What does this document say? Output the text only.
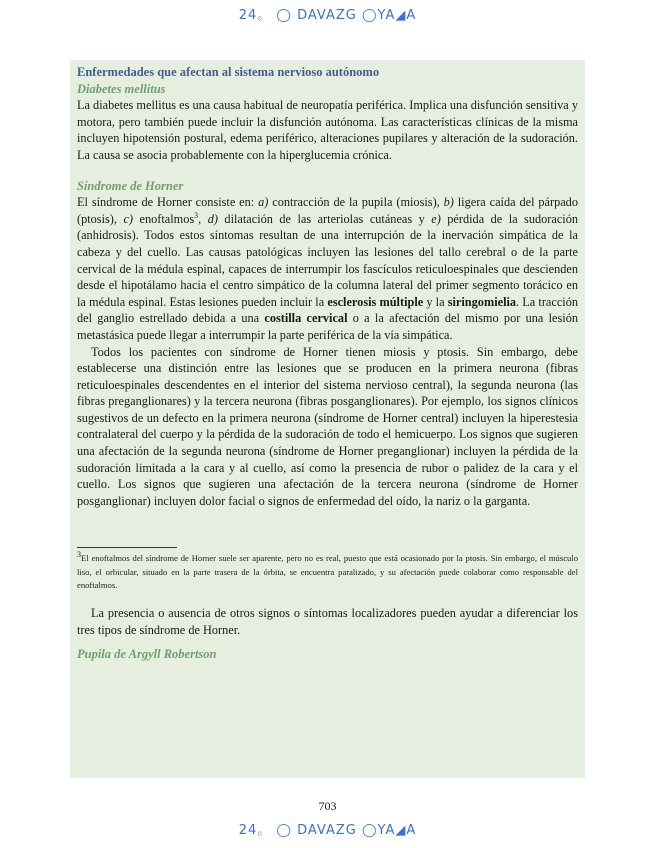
24。 ◯ DAVAZG ◯YA◢A

Enfermedades que afectan al sistema nervioso autónomo

Diabetes mellitus

La diabetes mellitus es una causa habitual de neuropatía periférica. Implica una disfunción sensitiva y motora, pero también puede incluir la disfunción autónoma. Las características clínicas de la misma incluyen hipotensión postural, edema periférico, alteraciones pupilares y alteración de la sudoración. La causa se asocia probablemente con la hiperglucemia crónica.

Síndrome de Horner

El síndrome de Horner consiste en: a) contracción de la pupila (miosis), b) ligera caída del párpado (ptosis), c) enoftalmos$^3$, d) dilatación de las arteriolas cutáneas y e) pérdida de la sudoración (anhidrosis). Todos estos síntomas resultan de una interrupción de la inervación simpática de la cabeza y del cuello. Las causas patológicas incluyen las lesiones del tallo cerebral o de la parte cervical de la médula espinal, capaces de interrumpir los fascículos reticuloespinales que descienden desde el hipotálamo hacia el centro simpático de la columna lateral del primer segmento torácico en la médula espinal. Estas lesiones pueden incluir la esclerosis múltiple y la siringomielia. La tracción del ganglio estrellado debida a una costilla cervical o a la afectación del mismo por una lesión metastásica puede llegar a interrumpir la parte periférica de la vía simpática.

Todos los pacientes con síndrome de Horner tienen miosis y ptosis. Sin embargo, debe establecerse una distinción entre las lesiones que se producen en la primera neurona (fibras reticuloespinales descendentes en el interior del sistema nervioso central), la segunda neurona (las fibras preganglionares) y la tercera neurona (fibras posganglionares). Por ejemplo, los signos clínicos sugestivos de un defecto en la primera neurona (síndrome de Horner central) incluyen la hiperestesia contralateral del cuerpo y la pérdida de la sudoración de todo el hemicuerpo. Los signos que sugieren una afectación de la segunda neurona (síndrome de Horner preganglionar) incluyen la pérdida de la sudoración limitada a la cara y al cuello, así como la presencia de rubor o palidez de la cara y el cuello. Los signos que sugieren una afectación de la tercera neurona (síndrome de Horner posganglionar) incluyen dolor facial o signos de enfermedad del oído, la nariz o la garganta.

$^3$El enoftalmos del síndrome de Horner suele ser aparente, pero no es real, puesto que está ocasionado por la ptosis. Sin embargo, el músculo liso, el orbicular, situado en la parte trasera de la órbita, se encuentra paralizado, y su afectación puede colaborar como responsable del enoftalmos.

La presencia o ausencia de otros signos o síntomas localizadores pueden ayudar a diferenciar los tres tipos de síndrome de Horner.

Pupila de Argyll Robertson

703
24。 ◯ DAVAZG ◯YA◢A
